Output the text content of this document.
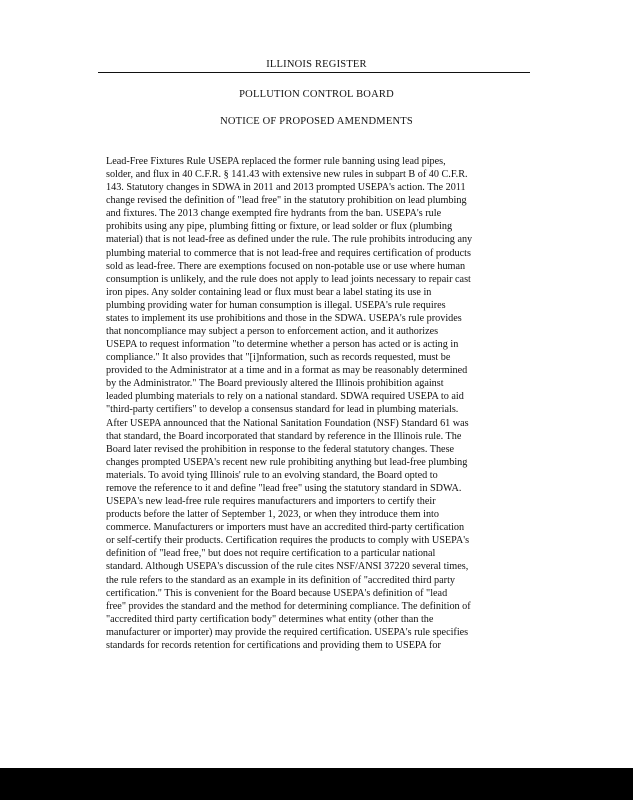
ILLINOIS REGISTER
POLLUTION CONTROL BOARD
NOTICE OF PROPOSED AMENDMENTS
Lead-Free Fixtures Rule USEPA replaced the former rule banning using lead pipes,
solder, and flux in 40 C.F.R. § 141.43 with extensive new rules in subpart B of 40 C.F.R.
143. Statutory changes in SDWA in 2011 and 2013 prompted USEPA's action. The 2011
change revised the definition of "lead free" in the statutory prohibition on lead plumbing
and fixtures. The 2013 change exempted fire hydrants from the ban. USEPA's rule
prohibits using any pipe, plumbing fitting or fixture, or lead solder or flux (plumbing
material) that is not lead-free as defined under the rule. The rule prohibits introducing any
plumbing material to commerce that is not lead-free and requires certification of products
sold as lead-free. There are exemptions focused on non-potable use or use where human
consumption is unlikely, and the rule does not apply to lead joints necessary to repair cast
iron pipes. Any solder containing lead or flux must bear a label stating its use in
plumbing providing water for human consumption is illegal. USEPA's rule requires
states to implement its use prohibitions and those in the SDWA. USEPA's rule provides
that noncompliance may subject a person to enforcement action, and it authorizes
USEPA to request information "to determine whether a person has acted or is acting in
compliance." It also provides that "[i]nformation, such as records requested, must be
provided to the Administrator at a time and in a format as may be reasonably determined
by the Administrator." The Board previously altered the Illinois prohibition against
leaded plumbing materials to rely on a national standard. SDWA required USEPA to aid
"third-party certifiers" to develop a consensus standard for lead in plumbing materials.
After USEPA announced that the National Sanitation Foundation (NSF) Standard 61 was
that standard, the Board incorporated that standard by reference in the Illinois rule. The
Board later revised the prohibition in response to the federal statutory changes. These
changes prompted USEPA's recent new rule prohibiting anything but lead-free plumbing
materials. To avoid tying Illinois' rule to an evolving standard, the Board opted to
remove the reference to it and define "lead free" using the statutory standard in SDWA.
USEPA's new lead-free rule requires manufacturers and importers to certify their
products before the latter of September 1, 2023, or when they introduce them into
commerce. Manufacturers or importers must have an accredited third-party certification
or self-certify their products. Certification requires the products to comply with USEPA's
definition of "lead free," but does not require certification to a particular national
standard. Although USEPA's discussion of the rule cites NSF/ANSI 37220 several times,
the rule refers to the standard as an example in its definition of "accredited third party
certification." This is convenient for the Board because USEPA's definition of "lead
free" provides the standard and the method for determining compliance. The definition of
"accredited third party certification body" determines what entity (other than the
manufacturer or importer) may provide the required certification. USEPA's rule specifies
standards for records retention for certifications and providing them to USEPA for
